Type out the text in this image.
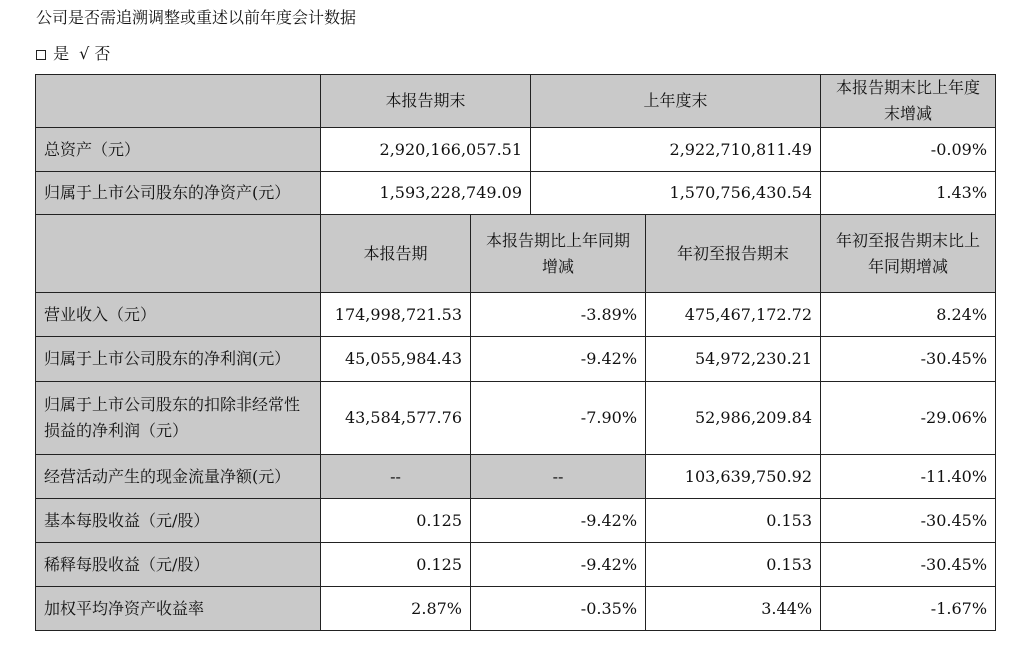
公司是否需追溯调整或重述以前年度会计数据
是 √ 否
	本报告期末		上年度末		本报告期末比上年度末增减
总资产（元）	2,920,166,057.51		2,922,710,811.49		-0.09%
归属于上市公司股东的净资产(元）	1,593,228,749.09		1,570,756,430.54		1.43%
	本报告期	本报告期比上年同期增减		年初至报告期末	年初至报告期末比上年同期增减
营业收入（元）	174,998,721.53	-3.89%		475,467,172.72	8.24%
归属于上市公司股东的净利润(元）	45,055,984.43	-9.42%		54,972,230.21	-30.45%
归属于上市公司股东的扣除非经常性损益的净利润（元）	43,584,577.76	-7.90%		52,986,209.84	-29.06%
经营活动产生的现金流量净额(元）	--	--		103,639,750.92	-11.40%
基本每股收益（元/股）	0.125	-9.42%		0.153	-30.45%
稀释每股收益（元/股）	0.125	-9.42%		0.153	-30.45%
加权平均净资产收益率	2.87%	-0.35%		3.44%	-1.67%
